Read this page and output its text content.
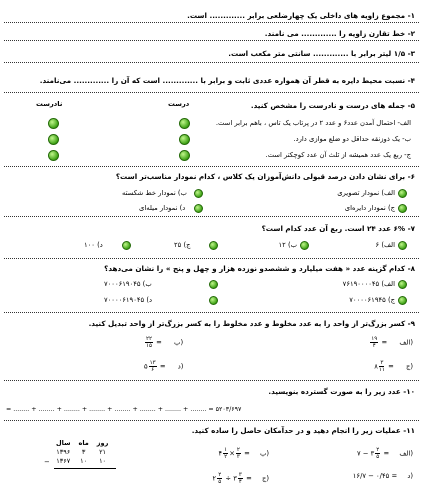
۱- مجموع زاویه های داخلی یک چهارضلعی برابر ............. است.
۲- خط تقارن زاویه را ............. می نامند.
۳- ۱/۵ لیتر برابر با ............. سانتی متر مکعب است.
۴- نسبت محیط دایره به قطر آن همواره عددی ثابت و برابر با ............. است که آن را ............. می‌نامند.
۵- جمله های درست و نادرست را مشخص کنید.
درست
نادرست
الف- احتمال آمدن عدد۶ و عدد ۲ در پرتاب یک تاس ، باهم برابر است.
ب- یک ذوزنقه حداقل دو ضلع موازی دارد.
ج- ربع یک عدد همیشه از ثلث آن عدد کوچکتر است.
۶- برای نشان دادن درصد قبولی دانش‌آموزان یک کلاس ، کدام نمودار مناسب‌تر است؟
الف) نمودار تصویری
ب) نمودار خط شکسته
ج) نمودار دایره‌ای
د) نمودار میله‌ای
۷- ۶% عدد ۲۴ است. ربع آن عدد کدام است؟
الف) ۶
ب) ۱۲
ج) ۲۵
د) ۱۰۰
۸- کدام گزینه عدد « هفت میلیارد و ششصدو نوزده هزار و چهل و پنج » را نشان می‌دهد؟
الف) ۷۶۱۹۰۰۰۰۴۵
ب) ۷۰۰۰۶۱۹۰۴۵
ج) ۷۰۰۰۰۶۱۹۴۵
د) ۷۰۰۰۰۶۱۹۰۴۵
۹- کسر بزرگ‌تر از واحد را به عدد مخلوط و عدد مخلوط را به کسر بزرگ‌تر از واحد تبدیل کنید.
(الف
$\frac{۱۹}{۴}$ =
(ب
$\frac{۲۲}{۱۵}$ =
(ج ۸ $\frac{۳}{۱۱}$ =
(د ۵ $\frac{۱۳}{۶}$ =
۱۰- عدد زیر را به صورت گسترده بنویسید.
= ........ + ........ + ........ + ........ + ........ + ........ + ........ + ........ = ۵۲۰۳/۶۹۷
۱۱- عملیات زیر را انجام دهید و در حدآمکان حاصل را ساده کنید.
(الف ۷ − ۳ $\frac{۲}{۵}$ =
(ب ۴ $\frac{۱}{۲} \times \frac{۲}{۳}$ =
(د ۱۶/۷ − ۰/۴۵ =
(ج ۲ $\frac{۲}{۵}$ ÷ ۳ $\frac{۳}{۴}$ =
روز	ماه	سال
۲۱	۳	۱۳۹۶
۱۰	۱۰	۱۳۶۷
−
